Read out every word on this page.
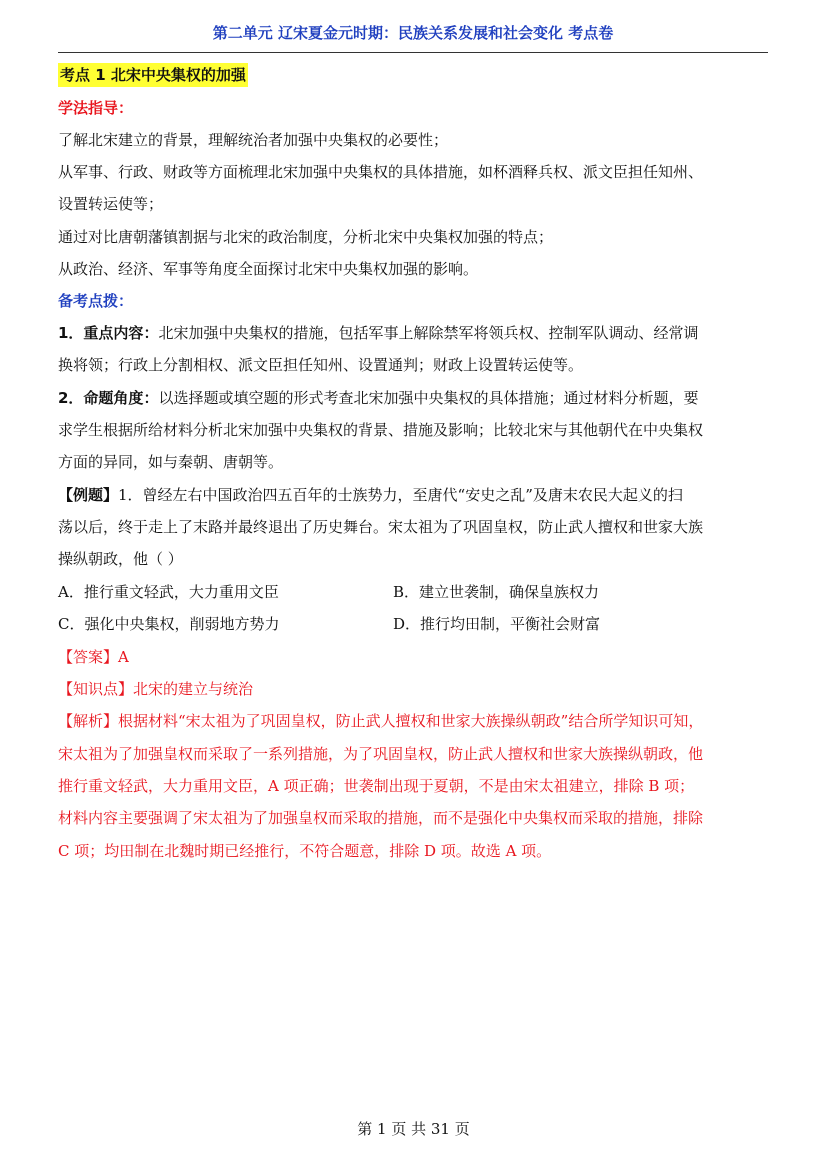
第二单元 辽宋夏金元时期：民族关系发展和社会变化 考点卷
考点 1 北宋中央集权的加强
学法指导：
了解北宋建立的背景，理解统治者加强中央集权的必要性；
从军事、行政、财政等方面梳理北宋加强中央集权的具体措施，如杯酒释兵权、派文臣担任知州、
设置转运使等；
通过对比唐朝藩镇割据与北宋的政治制度，分析北宋中央集权加强的特点；
从政治、经济、军事等角度全面探讨北宋中央集权加强的影响。
备考点拨：
1．重点内容：北宋加强中央集权的措施，包括军事上解除禁军将领兵权、控制军队调动、经常调
换将领；行政上分割相权、派文臣担任知州、设置通判；财政上设置转运使等。
2．命题角度：以选择题或填空题的形式考查北宋加强中央集权的具体措施；通过材料分析题，要
求学生根据所给材料分析北宋加强中央集权的背景、措施及影响；比较北宋与其他朝代在中央集权
方面的异同，如与秦朝、唐朝等。
【例题】1．曾经左右中国政治四五百年的士族势力，至唐代“安史之乱”及唐末农民大起义的扫
荡以后，终于走上了末路并最终退出了历史舞台。宋太祖为了巩固皇权，防止武人擅权和世家大族
操纵朝政，他（ ）
A．推行重文轻武，大力重用文臣	B．建立世袭制，确保皇族权力
C．强化中央集权，削弱地方势力	D．推行均田制，平衡社会财富
【答案】A
【知识点】北宋的建立与统治
【解析】根据材料“宋太祖为了巩固皇权，防止武人擅权和世家大族操纵朝政”结合所学知识可知，
宋太祖为了加强皇权而采取了一系列措施，为了巩固皇权，防止武人擅权和世家大族操纵朝政，他
推行重文轻武，大力重用文臣，A 项正确；世袭制出现于夏朝，不是由宋太祖建立，排除 B 项；
材料内容主要强调了宋太祖为了加强皇权而采取的措施，而不是强化中央集权而采取的措施，排除
C 项；均田制在北魏时期已经推行，不符合题意，排除 D 项。故选 A 项。
第 1 页 共 31 页
